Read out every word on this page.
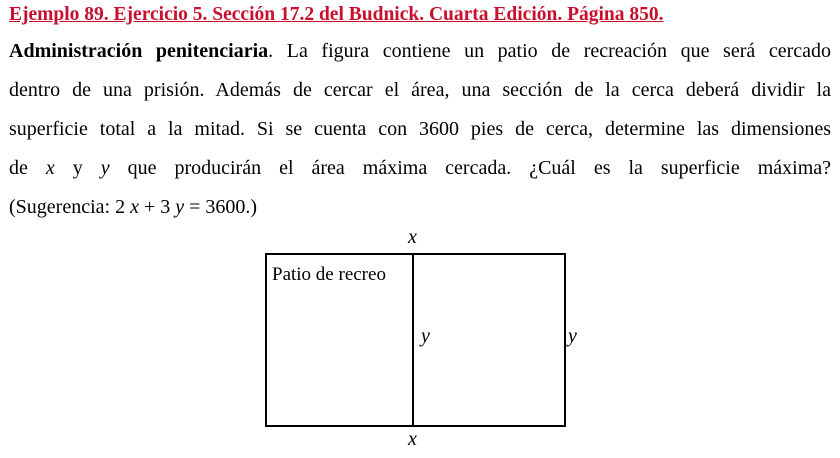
Ejemplo 89. Ejercicio 5. Sección 17.2 del Budnick. Cuarta Edición. Página 850.
Administración penitenciaria. La figura contiene un patio de recreación que será cercado
dentro de una prisión. Además de cercar el área, una sección de la cerca deberá dividir la
superficie total a la mitad. Si se cuenta con 3600 pies de cerca, determine las dimensiones
de x y y que producirán el área máxima cercada. ¿Cuál es la superficie máxima?
(Sugerencia: 2 x + 3 y = 3600.)
x
Patio de recreo
y	y
x
